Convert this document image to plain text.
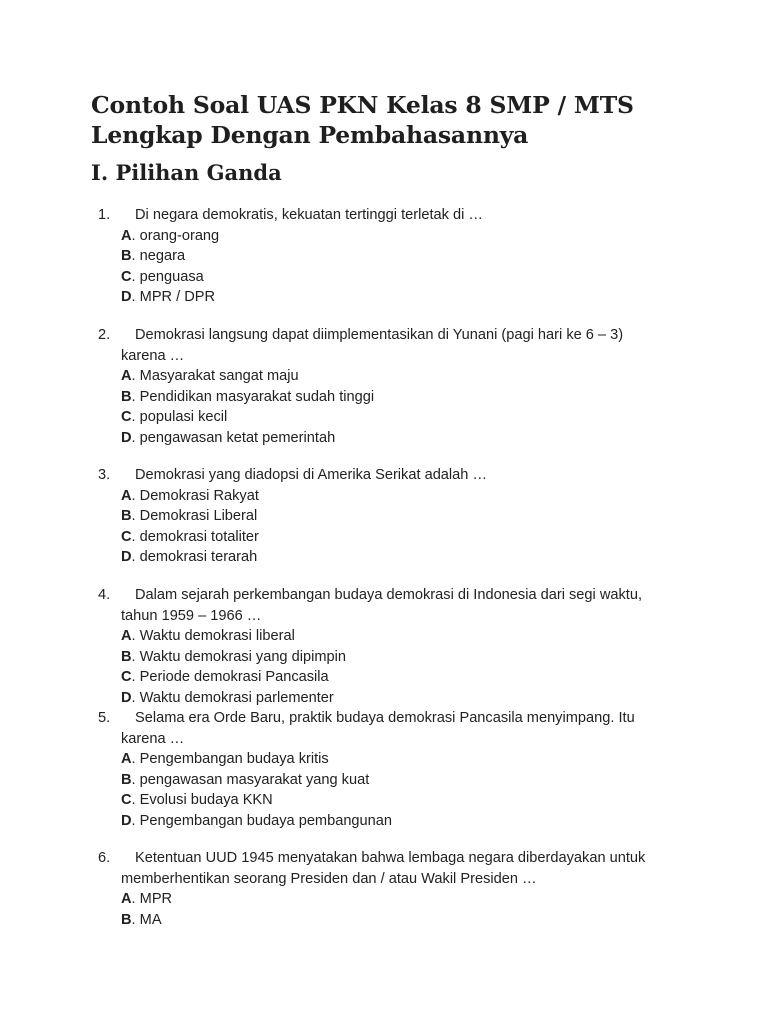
Contoh Soal UAS PKN Kelas 8 SMP / MTS Lengkap Dengan Pembahasannya
I. Pilihan Ganda
1.	Di negara demokratis, kekuatan tertinggi terletak di …
A. orang-orang
B. negara
C. penguasa
D. MPR / DPR
2.	Demokrasi langsung dapat diimplementasikan di Yunani (pagi hari ke 6 – 3) karena …
A. Masyarakat sangat maju
B. Pendidikan masyarakat sudah tinggi
C. populasi kecil
D. pengawasan ketat pemerintah
3.	Demokrasi yang diadopsi di Amerika Serikat adalah …
A. Demokrasi Rakyat
B. Demokrasi Liberal
C. demokrasi totaliter
D. demokrasi terarah
4.	Dalam sejarah perkembangan budaya demokrasi di Indonesia dari segi waktu, tahun 1959 – 1966 …
A. Waktu demokrasi liberal
B. Waktu demokrasi yang dipimpin
C. Periode demokrasi Pancasila
D. Waktu demokrasi parlementer
5.	Selama era Orde Baru, praktik budaya demokrasi Pancasila menyimpang. Itu karena …
A. Pengembangan budaya kritis
B. pengawasan masyarakat yang kuat
C. Evolusi budaya KKN
D. Pengembangan budaya pembangunan
6.	Ketentuan UUD 1945 menyatakan bahwa lembaga negara diberdayakan untuk memberhentikan seorang Presiden dan / atau Wakil Presiden …
A. MPR
B. MA
